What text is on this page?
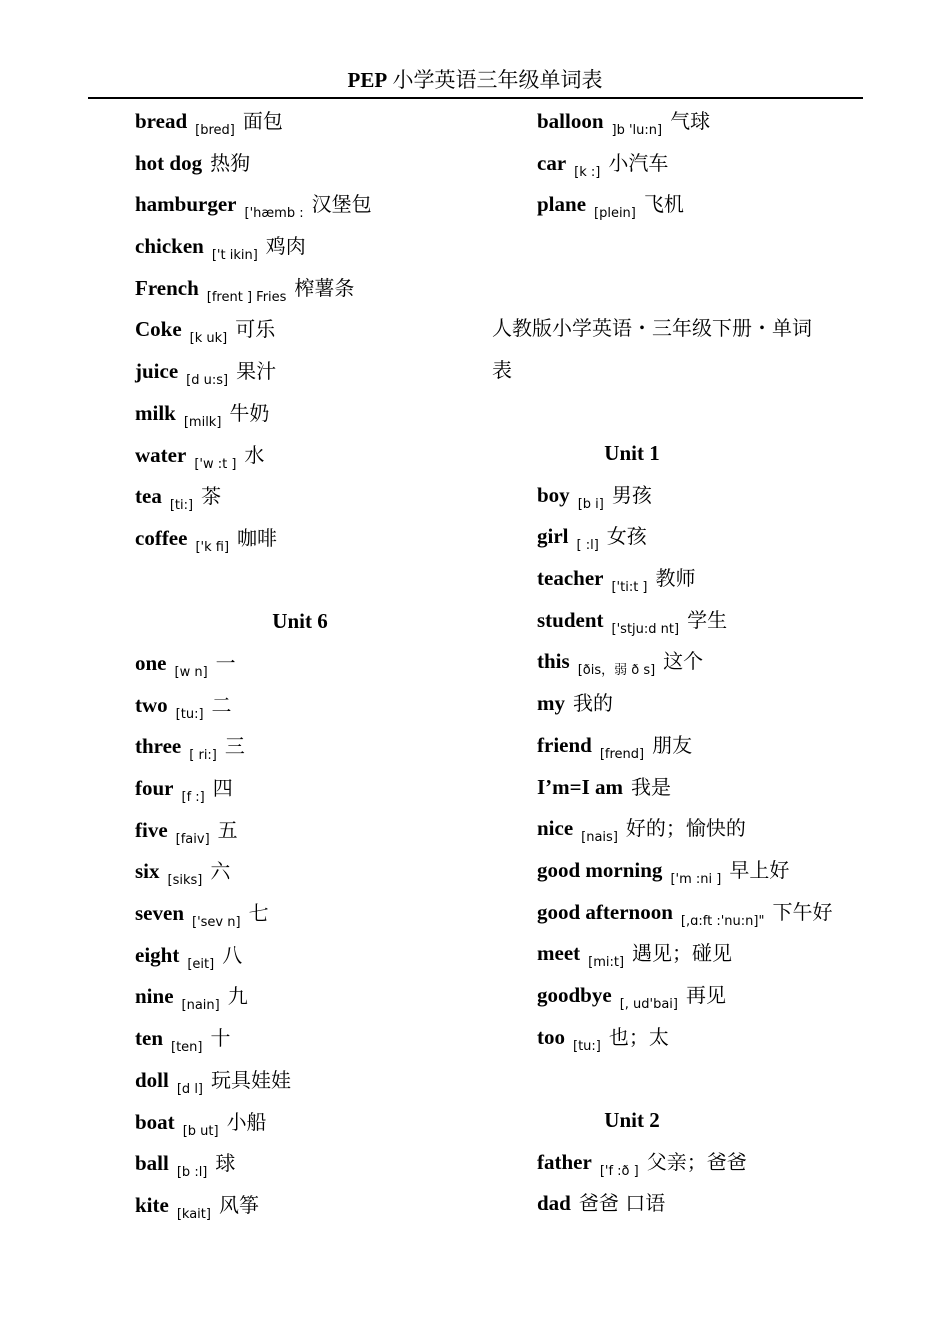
PEP 小学英语三年级单词表
bread $_{[bred]}$ 面包
hot dog 热狗
hamburger $_{['hæmb :}$ 汉堡包
chicken $_{['t ikin]}$ 鸡肉
French $_{[frent ] Fries}$ 榨薯条
Coke $_{[k uk]}$ 可乐
juice $_{[d u:s]}$ 果汁
milk $_{[milk]}$ 牛奶
water $_{['w :t ]}$ 水
tea $_{[ti:]}$ 茶
coffee $_{['k fi]}$ 咖啡
Unit 6
one $_{[w n]}$ 一
two $_{[tu:]}$ 二
three $_{[ ri:]}$ 三
four $_{[f :]}$ 四
five $_{[faiv]}$ 五
six $_{[siks]}$ 六
seven $_{['sev n]}$ 七
eight $_{[eit]}$ 八
nine $_{[nain]}$ 九
ten $_{[ten]}$ 十
doll $_{[d l]}$ 玩具娃娃
boat $_{[b ut]}$ 小船
ball $_{[b :l]}$ 球
kite $_{[kait]}$ 风筝
balloon $_{]b 'lu:n]}$ 气球
car $_{[k :]}$ 小汽车
plane $_{[plein]}$ 飞机
人教版小学英语・三年级下册・单词
表
Unit 1
boy $_{[b i]}$ 男孩
girl $_{[ :l]}$ 女孩
teacher $_{['ti:t ]}$ 教师
student $_{['stju:d nt]}$ 学生
this $_{[ðis,弱 ð s]}$ 这个
my 我的
friend $_{[frend]}$ 朋友
I’m=I am 我是
nice $_{[nais]}$ 好的；愉快的
good morning $_{['m :ni ]}$ 早上好
good afternoon $_{[,ɑ:ft :'nu:n]"}$ 下午好
meet $_{[mi:t]}$ 遇见；碰见
goodbye $_{[, ud'bai]}$ 再见
too $_{[tu:]}$ 也；太
Unit 2
father $_{['f :ð ]}$ 父亲；爸爸
dad 爸爸 口语
